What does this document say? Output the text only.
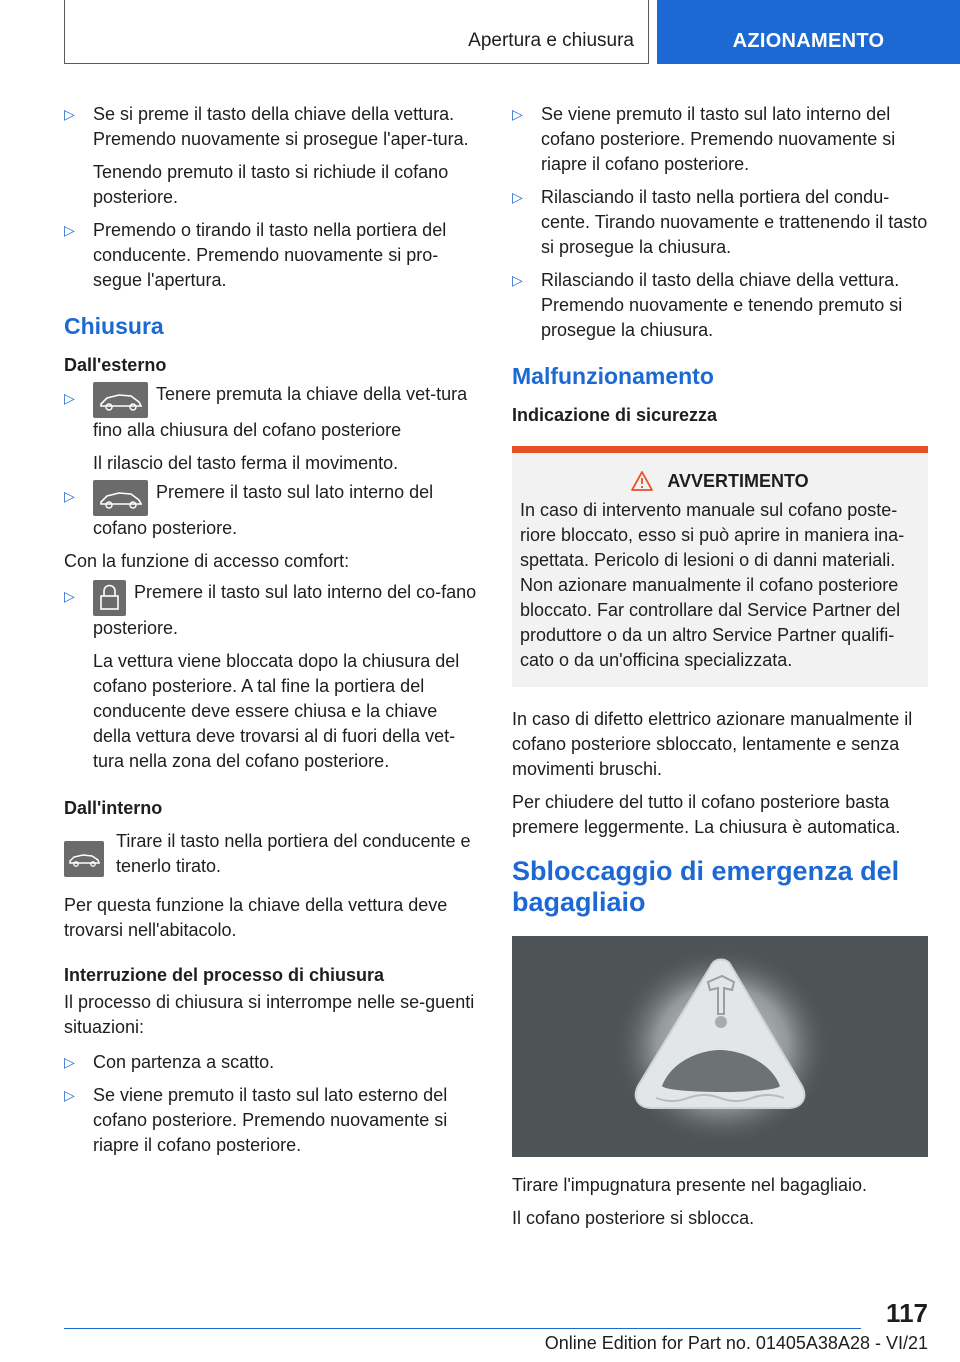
Apertura e chiusura	AZIONAMENTO
▷ Se si preme il tasto della chiave della vettura. Premendo nuovamente si prosegue l'aper-tura.

Tenendo premuto il tasto si richiude il cofano posteriore.

▷ Premendo o tirando il tasto nella portiera del conducente. Premendo nuovamente si pro-segue l'apertura.

Chiusura
Dall'esterno
▷	Tenere premuta la chiave della vet-tura fino alla chiusura del cofano posteriore

Il rilascio del tasto ferma il movimento.

▷	Premere il tasto sul lato interno del cofano posteriore.

Con la funzione di accesso comfort:

▷	Premere il tasto sul lato interno del co-fano posteriore.

La vettura viene bloccata dopo la chiusura del cofano posteriore. A tal fine la portiera del conducente deve essere chiusa e la chiave della vettura deve trovarsi al di fuori della vet-tura nella zona del cofano posteriore.

Dall'interno

Tirare il tasto nella portiera del conducente e tenerlo tirato.

Per questa funzione la chiave della vettura deve trovarsi nell'abitacolo.

Interruzione del processo di chiusura

Il processo di chiusura si interrompe nelle se-guenti situazioni:

▷ Con partenza a scatto.

▷ Se viene premuto il tasto sul lato esterno del cofano posteriore. Premendo nuovamente si riapre il cofano posteriore.

▷ Se viene premuto il tasto sul lato interno del cofano posteriore. Premendo nuovamente si riapre il cofano posteriore.

▷ Rilasciando il tasto nella portiera del condu-cente. Tirando nuovamente e trattenendo il tasto si prosegue la chiusura.

▷ Rilasciando il tasto della chiave della vettura. Premendo nuovamente e tenendo premuto si prosegue la chiusura.

Malfunzionamento
Indicazione di sicurezza
AVVERTIMENTO

In caso di intervento manuale sul cofano poste-riore bloccato, esso si può aprire in maniera ina-spettata. Pericolo di lesioni o di danni materiali. Non azionare manualmente il cofano posteriore bloccato. Far controllare dal Service Partner del produttore o da un altro Service Partner qualifi-cato o da un'officina specializzata.

In caso di difetto elettrico azionare manualmente il cofano posteriore sbloccato, lentamente e senza movimenti bruschi.

Per chiudere del tutto il cofano posteriore basta premere leggermente. La chiusura è automatica.

Sbloccaggio di emergenza del bagagliaio

Tirare l'impugnatura presente nel bagagliaio.

Il cofano posteriore si sblocca.

117
Online Edition for Part no. 01405A38A28 - VI/21
